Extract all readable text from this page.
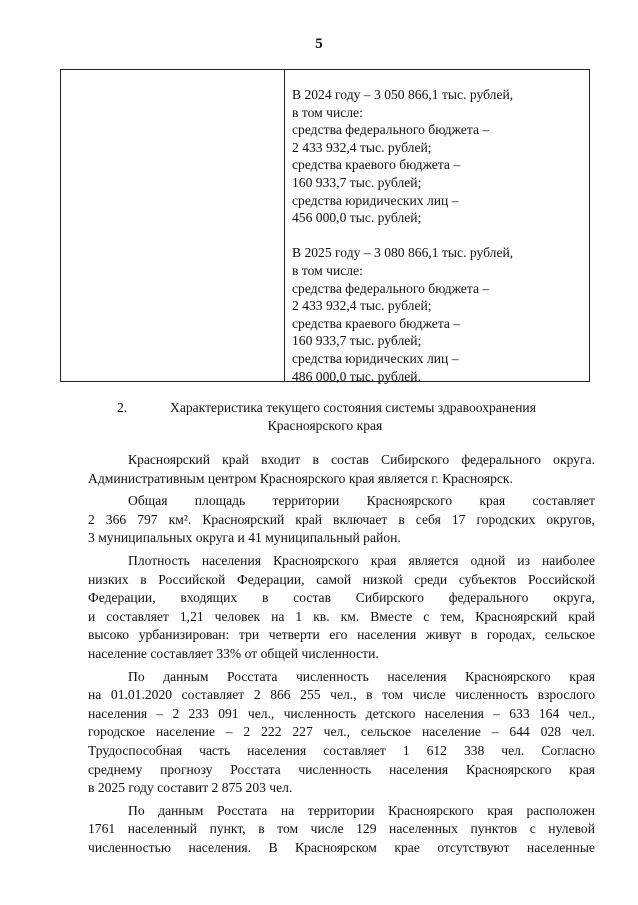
5
В 2024 году – 3 050 866,1 тыс. рублей,
в том числе:
средства федерального бюджета –
2 433 932,4 тыс. рублей;
средства краевого бюджета –
160 933,7 тыс. рублей;
средства юридических лиц –
456 000,0 тыс. рублей;
В 2025 году – 3 080 866,1 тыс. рублей,
в том числе:
средства федерального бюджета –
2 433 932,4 тыс. рублей;
средства краевого бюджета –
160 933,7 тыс. рублей;
средства юридических лиц –
486 000,0 тыс. рублей.
2.	Характеристика текущего состояния системы здравоохранения
Красноярского края
Красноярский край входит в состав Сибирского федерального округа.
Административным центром Красноярского края является г. Красноярск.
Общая площадь территории Красноярского края составляет
2 366 797 км². Красноярский край включает в себя 17 городских округов,
3 муниципальных округа и 41 муниципальный район.
Плотность населения Красноярского края является одной из наиболее
низких в Российской Федерации, самой низкой среди субъектов Российской
Федерации, входящих в состав Сибирского федерального округа,
и составляет 1,21 человек на 1 кв. км. Вместе с тем, Красноярский край
высоко урбанизирован: три четверти его населения живут в городах, сельское
население составляет 33% от общей численности.
По данным Росстата численность населения Красноярского края
на 01.01.2020 составляет 2 866 255 чел., в том числе численность взрослого
населения – 2 233 091 чел., численность детского населения – 633 164 чел.,
городское население – 2 222 227 чел., сельское население – 644 028 чел.
Трудоспособная часть населения составляет 1 612 338 чел. Согласно
среднему прогнозу Росстата численность населения Красноярского края
в 2025 году составит 2 875 203 чел.
По данным Росстата на территории Красноярского края расположен
1761 населенный пункт, в том числе 129 населенных пунктов с нулевой
численностью населения. В Красноярском крае отсутствуют населенные
